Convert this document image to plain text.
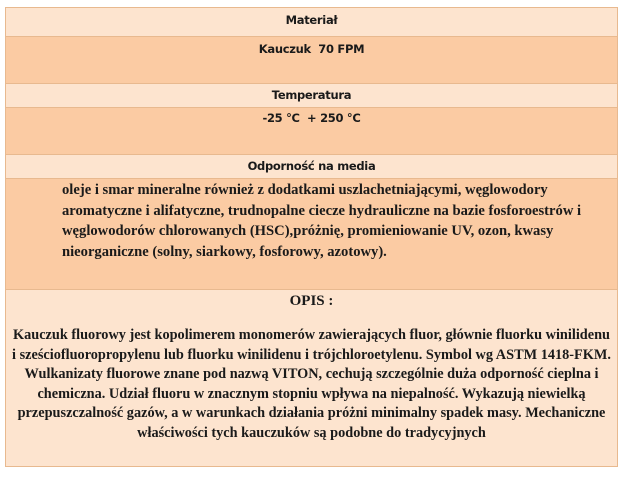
Materiał
Kauczuk  70 FPM
Temperatura
-25 °C  + 250 °C
Odporność na media
oleje i smar mineralne również z dodatkami uszlachetniającymi, węglowodory aromatyczne i alifatyczne, trudnopalne ciecze hydrauliczne na bazie fosforoestrów i węglowodorów chlorowanych (HSC),próżnię, promieniowanie UV, ozon, kwasy nieorganiczne (solny, siarkowy, fosforowy, azotowy).
OPIS :
Kauczuk fluorowy jest kopolimerem monomerów zawierających fluor, głównie fluorku winilidenu i sześciofluoropropylenu lub fluorku winilidenu i trójchloroetylenu. Symbol wg ASTM 1418-FKM. Wulkanizaty fluorowe znane pod nazwą VITON, cechują szczególnie duża odporność cieplna i chemiczna. Udział fluoru w znacznym stopniu wpływa na niepalność. Wykazują niewielką przepuszczalność gazów, a w warunkach działania próżni minimalny spadek masy. Mechaniczne właściwości tych kauczuków są podobne do tradycyjnych
